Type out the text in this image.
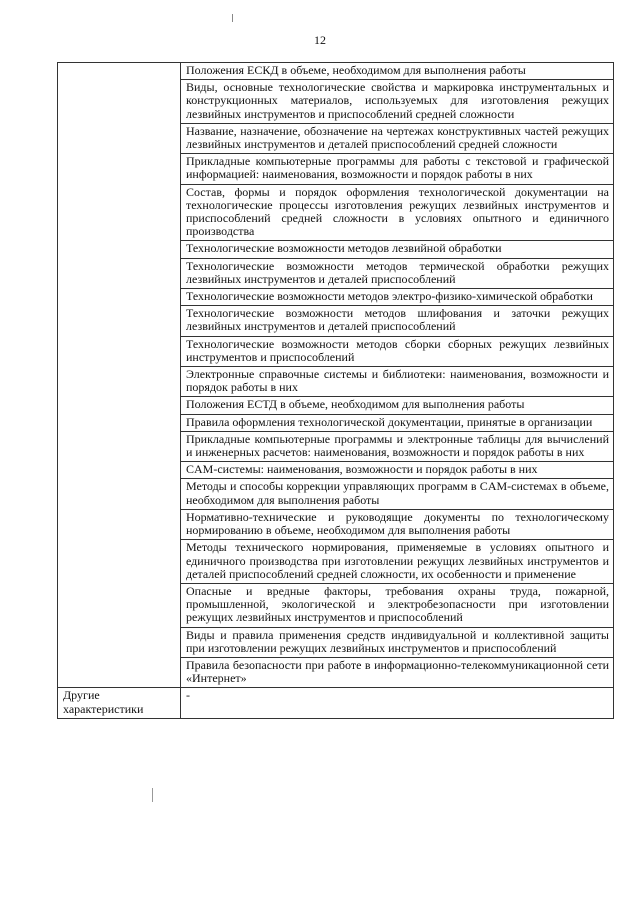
12
	Положения ЕСКД в объеме, необходимом для выполнения работы
	Виды, основные технологические свойства и маркировка инструментальных и конструкционных материалов, используемых для изготовления режущих лезвийных инструментов и приспособлений средней сложности
	Название, назначение, обозначение на чертежах конструктивных частей режущих лезвийных инструментов и деталей приспособлений средней сложности
	Прикладные компьютерные программы для работы с текстовой и графической информацией: наименования, возможности и порядок работы в них
	Состав, формы и порядок оформления технологической документации на технологические процессы изготовления режущих лезвийных инструментов и приспособлений средней сложности в условиях опытного и единичного производства
	Технологические возможности методов лезвийной обработки
	Технологические возможности методов термической обработки режущих лезвийных инструментов и деталей приспособлений
	Технологические возможности методов электро-физико-химической обработки
	Технологические возможности методов шлифования и заточки режущих лезвийных инструментов и деталей приспособлений
	Технологические возможности методов сборки сборных режущих лезвийных инструментов и приспособлений
	Электронные справочные системы и библиотеки: наименования, возможности и порядок работы в них
	Положения ЕСТД в объеме, необходимом для выполнения работы
	Правила оформления технологической документации, принятые в организации
	Прикладные компьютерные программы и электронные таблицы для вычислений и инженерных расчетов: наименования, возможности и порядок работы в них
	CAM-системы: наименования, возможности и порядок работы в них
	Методы и способы коррекции управляющих программ в CAM-системах в объеме, необходимом для выполнения работы
	Нормативно-технические и руководящие документы по технологическому нормированию в объеме, необходимом для выполнения работы
	Методы технического нормирования, применяемые в условиях опытного и единичного производства при изготовлении режущих лезвийных инструментов и деталей приспособлений средней сложности, их особенности и применение
	Опасные и вредные факторы, требования охраны труда, пожарной, промышленной, экологической и электробезопасности при изготовлении режущих лезвийных инструментов и приспособлений
	Виды и правила применения средств индивидуальной и коллективной защиты при изготовлении режущих лезвийных инструментов и приспособлений
	Правила безопасности при работе в информационно-телекоммуникационной сети «Интернет»
Другие характеристики	-
